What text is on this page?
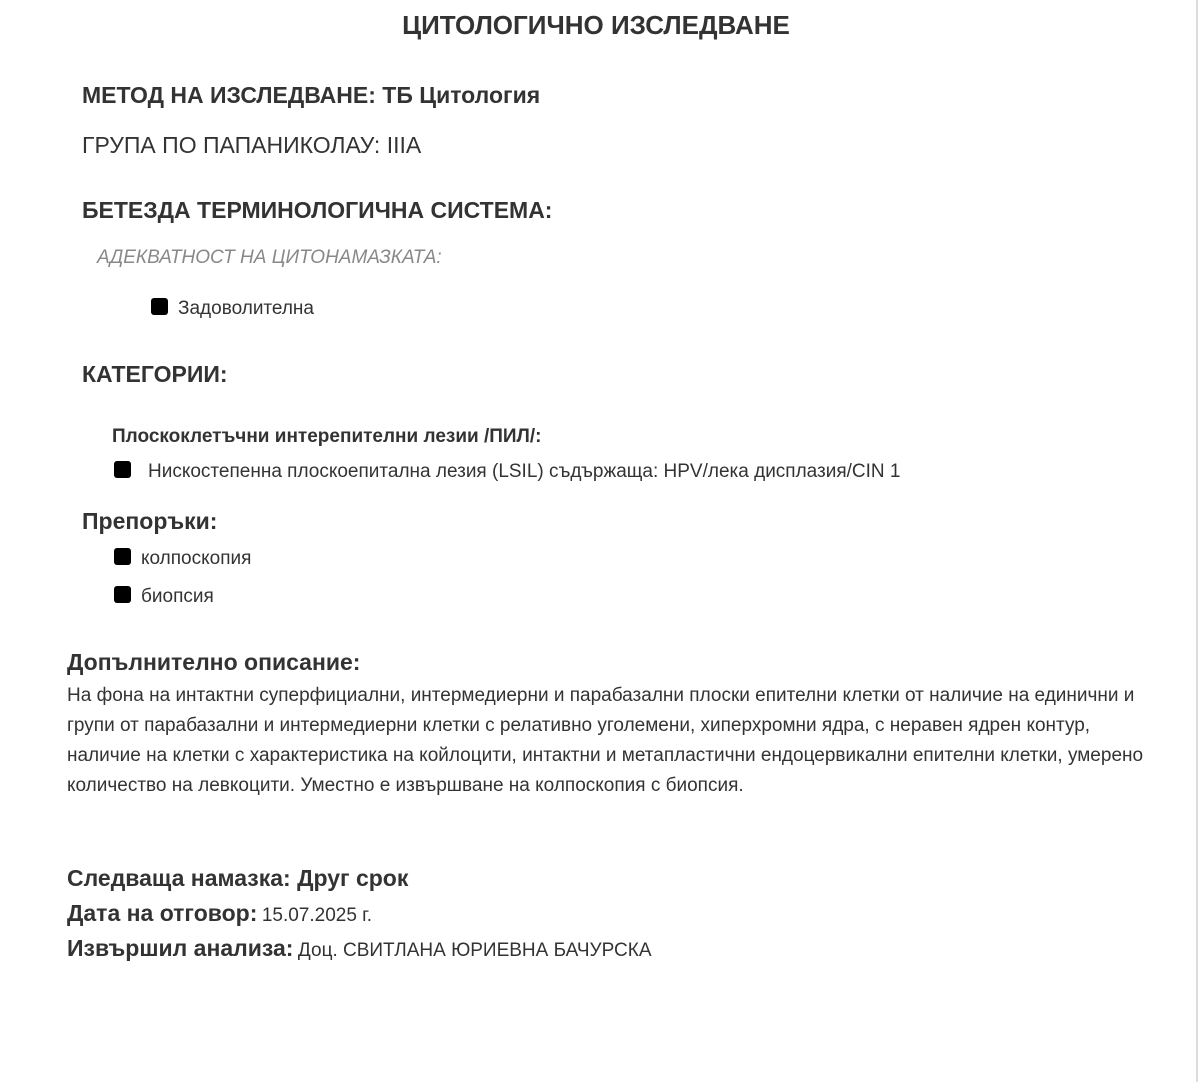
ЦИТОЛОГИЧНО ИЗСЛЕДВАНЕ
МЕТОД НА ИЗСЛЕДВАНЕ: ТБ Цитология
ГРУПА ПО ПАПАНИКОЛАУ: IIIA
БЕТЕЗДА ТЕРМИНОЛОГИЧНА СИСТЕМА:
АДЕКВАТНОСТ НА ЦИТОНАМАЗКАТА:
Задоволителна
КАТЕГОРИИ:
Плоскоклетъчни интерепителни лезии /ПИЛ/:
Нискостепенна плоскоепитална лезия (LSIL) съдържаща: HPV/лека дисплазия/CIN 1
Препоръки:
колпоскопия
биопсия
Допълнително описание:
На фона на интактни суперфициални, интермедиерни и парабазални плоски епителни клетки от наличие на единични и групи от парабазални и интермедиерни клетки с релативно уголемени, хиперхромни ядра, с неравен ядрен контур, наличие на клетки с характеристика на койлоцити, интактни и метапластични ендоцервикални епителни клетки, умерено количество на левкоцити. Уместно е извършване на колпоскопия с биопсия.
Следваща намазка: Друг срок
Дата на отговор: 15.07.2025 г.
Извършил анализа: Доц. СВИТЛАНА ЮРИЕВНА БАЧУРСКА
